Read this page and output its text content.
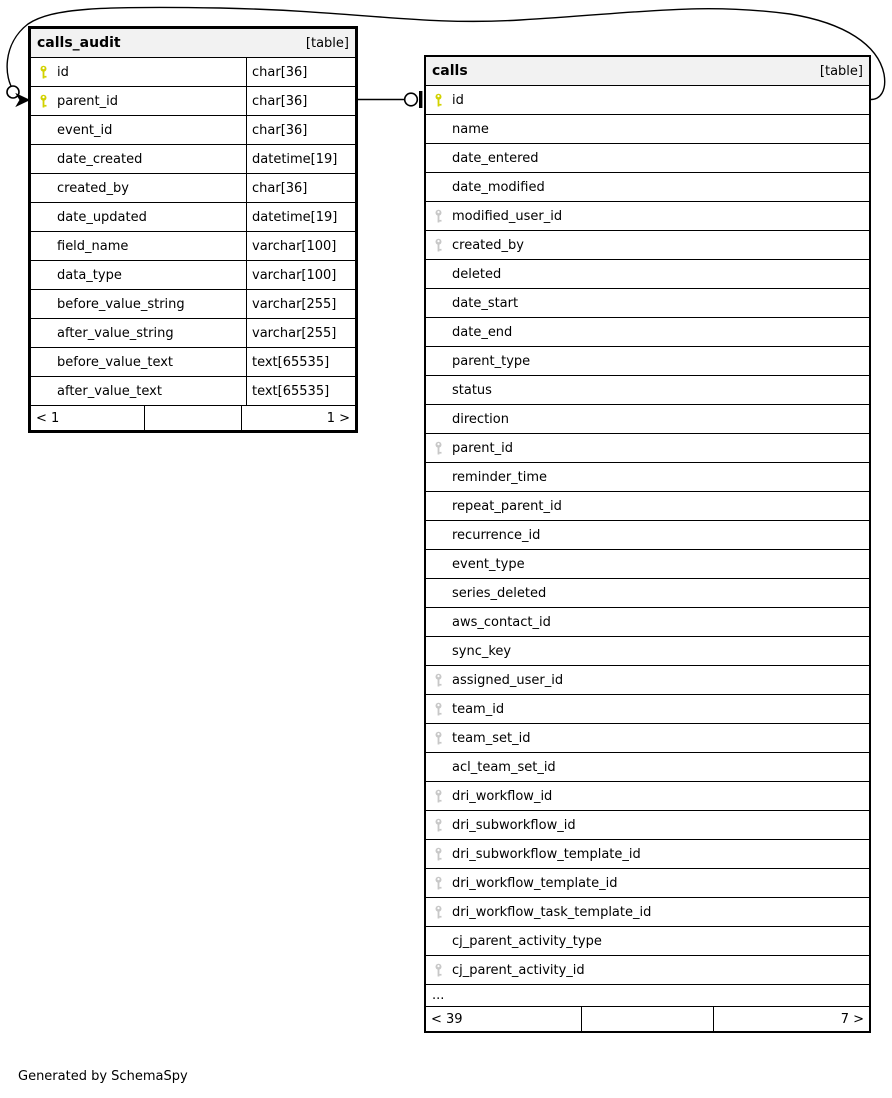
calls_audit	[table]
id	char[36]
parent_id	char[36]
event_id	char[36]
date_created	datetime[19]
created_by	char[36]
date_updated	datetime[19]
field_name	varchar[100]
data_type	varchar[100]
before_value_string	varchar[255]
after_value_string	varchar[255]
before_value_text	text[65535]
after_value_text	text[65535]
< 1	1 >
calls	[table]
id
name
date_entered
date_modified
modified_user_id
created_by
deleted
date_start
date_end
parent_type
status
direction
parent_id
reminder_time
repeat_parent_id
recurrence_id
event_type
series_deleted
aws_contact_id
sync_key
assigned_user_id
team_id
team_set_id
acl_team_set_id
dri_workflow_id
dri_subworkflow_id
dri_subworkflow_template_id
dri_workflow_template_id
dri_workflow_task_template_id
cj_parent_activity_type
cj_parent_activity_id
...
< 39	7 >
Generated by SchemaSpy
